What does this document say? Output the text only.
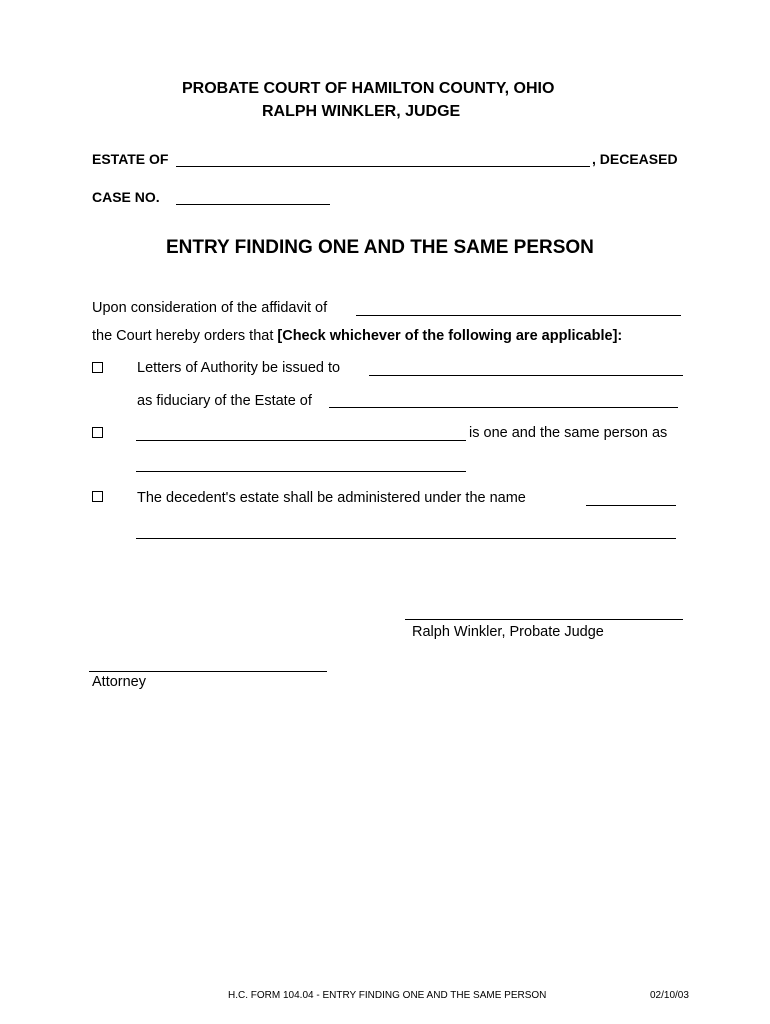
PROBATE COURT OF HAMILTON COUNTY, OHIO
RALPH WINKLER, JUDGE
ESTATE OF	, DECEASED
CASE NO.
ENTRY FINDING ONE AND THE SAME PERSON
Upon consideration of the affidavit of
the Court hereby orders that [Check whichever of the following are applicable]:
Letters of Authority be issued to
as fiduciary of the Estate of
is one and the same person as
The decedent's estate shall be administered under the name
Ralph Winkler, Probate Judge
Attorney
H.C. FORM 104.04 - ENTRY FINDING ONE AND THE SAME PERSON	02/10/03
